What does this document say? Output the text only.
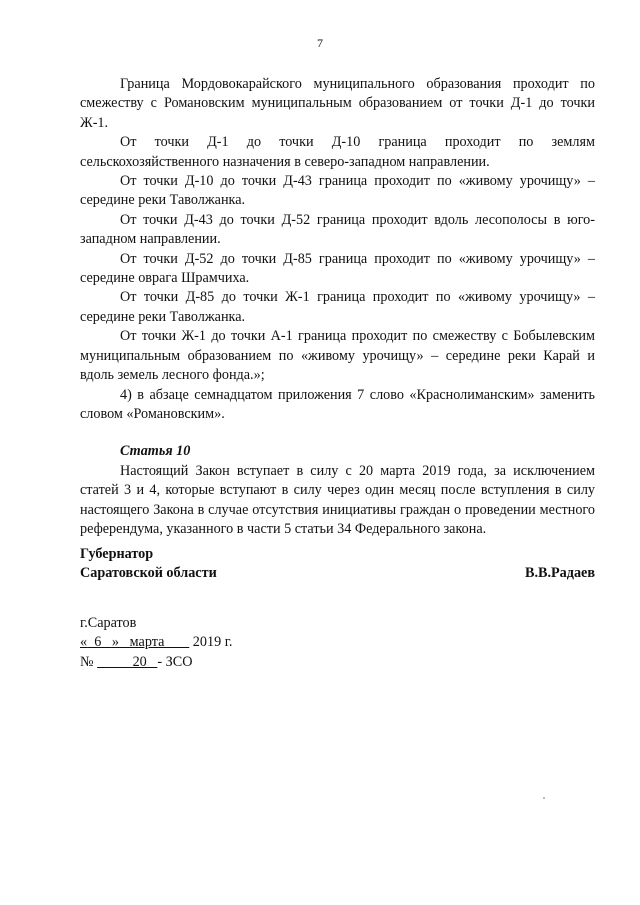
7

Граница Мордовокарайского муниципального образования проходит по смежеству с Романовским муниципальным образованием от точки Д-1 до точки Ж-1.

От точки Д-1 до точки Д-10 граница проходит по землям сельскохозяйственного назначения в северо-западном направлении.

От точки Д-10 до точки Д-43 граница проходит по «живому урочищу» – середине реки Таволжанка.

От точки Д-43 до точки Д-52 граница проходит вдоль лесополосы в юго-западном направлении.

От точки Д-52 до точки Д-85 граница проходит по «живому урочищу» – середине оврага Шрамчиха.

От точки Д-85 до точки Ж-1 граница проходит по «живому урочищу» – середине реки Таволжанка.

От точки Ж-1 до точки А-1 граница проходит по смежеству с Бобылевским муниципальным образованием по «живому урочищу» – середине реки Карай и вдоль земель лесного фонда.»;

4) в абзаце семнадцатом приложения 7 слово «Краснолиманским» заменить словом «Романовским».

Статья 10

Настоящий Закон вступает в силу с 20 марта 2019 года, за исключением статей 3 и 4, которые вступают в силу через один месяц после вступления в силу настоящего Закона в случае отсутствия инициативы граждан о проведении местного референдума, указанного в части 5 статьи 34 Федерального закона.

Губернатор
Саратовской области	В.В.Радаев
г.Саратов
«  6   »   марта        2019 г.
№           20   - ЗСО
